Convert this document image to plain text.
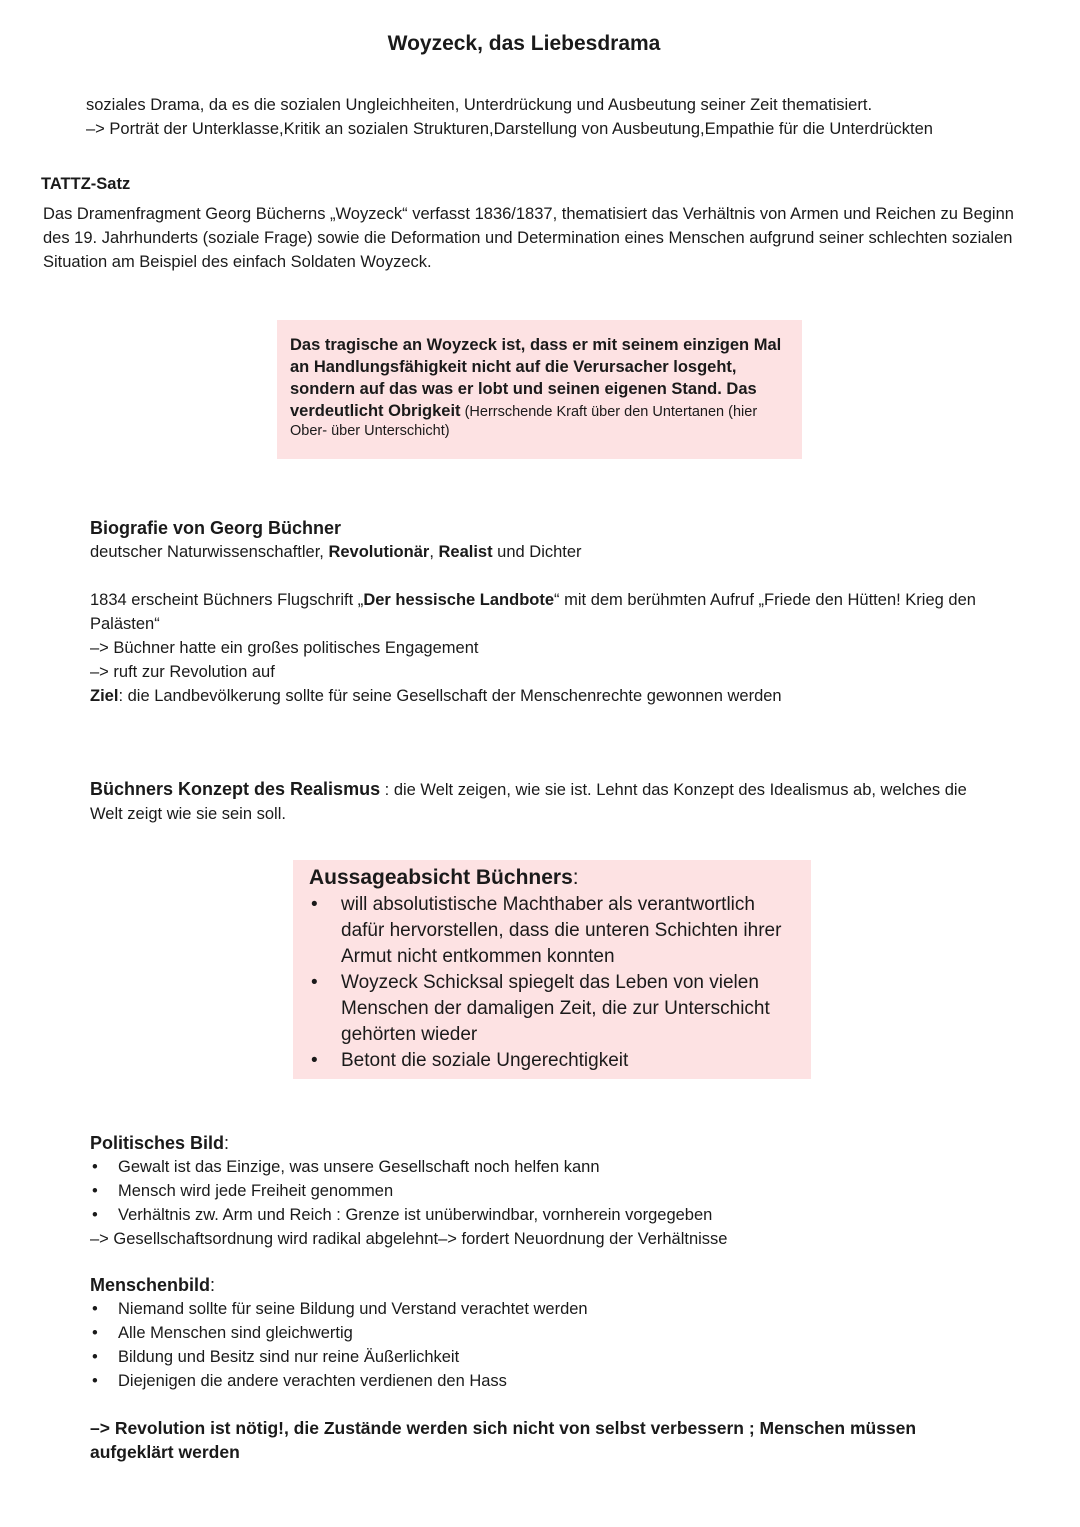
Woyzeck, das Liebesdrama

soziales Drama, da es die sozialen Ungleichheiten, Unterdrückung und Ausbeutung seiner Zeit thematisiert.

–> Porträt der Unterklasse,Kritik an sozialen Strukturen,Darstellung von Ausbeutung,Empathie für die Unterdrückten

TATTZ-Satz
Das Dramenfragment Georg Bücherns „Woyzeck“ verfasst 1836/1837, thematisiert das Verhältnis von Armen und Reichen zu Beginn des 19. Jahrhunderts (soziale Frage) sowie die Deformation und Determination eines Menschen aufgrund seiner schlechten sozialen Situation am Beispiel des einfach Soldaten Woyzeck.
Das tragische an Woyzeck ist, dass er mit seinem einzigen Mal an Handlungsfähigkeit nicht auf die Verursacher losgeht, sondern auf das was er lobt und seinen eigenen Stand. Das verdeutlicht Obrigkeit (Herrschende Kraft über den Untertanen (hier Ober- über Unterschicht)

Biografie von Georg Büchner

deutscher Naturwissenschaftler, Revolutionär, Realist und Dichter

1834 erscheint Büchners Flugschrift „Der hessische Landbote“ mit dem berühmten Aufruf „Friede den Hütten! Krieg den Palästen“

–> Büchner hatte ein großes politisches Engagement

–> ruft zur Revolution auf

Ziel: die Landbevölkerung sollte für seine Gesellschaft der Menschenrechte gewonnen werden

Büchners Konzept des Realismus : die Welt zeigen, wie sie ist. Lehnt das Konzept des Idealismus ab, welches die Welt zeigt wie sie sein soll.
Aussageabsicht Büchners:
• will absolutistische Machthaber als verantwortlich dafür hervorstellen, dass die unteren Schichten ihrer Armut nicht entkommen konnten
• Woyzeck Schicksal spiegelt das Leben von vielen Menschen der damaligen Zeit, die zur Unterschicht gehörten wieder
• Betont die soziale Ungerechtigkeit

Politisches Bild:

• Gewalt ist das Einzige, was unsere Gesellschaft noch helfen kann
• Mensch wird jede Freiheit genommen
• Verhältnis zw. Arm und Reich : Grenze ist unüberwindbar, vornherein vorgegeben

–> Gesellschaftsordnung wird radikal abgelehnt–> fordert Neuordnung der Verhältnisse

Menschenbild:

• Niemand sollte für seine Bildung und Verstand verachtet werden
• Alle Menschen sind gleichwertig
• Bildung und Besitz sind nur reine Äußerlichkeit
• Diejenigen die andere verachten verdienen den Hass
–> Revolution ist nötig!, die Zustände werden sich nicht von selbst verbessern ; Menschen müssen aufgeklärt werden
